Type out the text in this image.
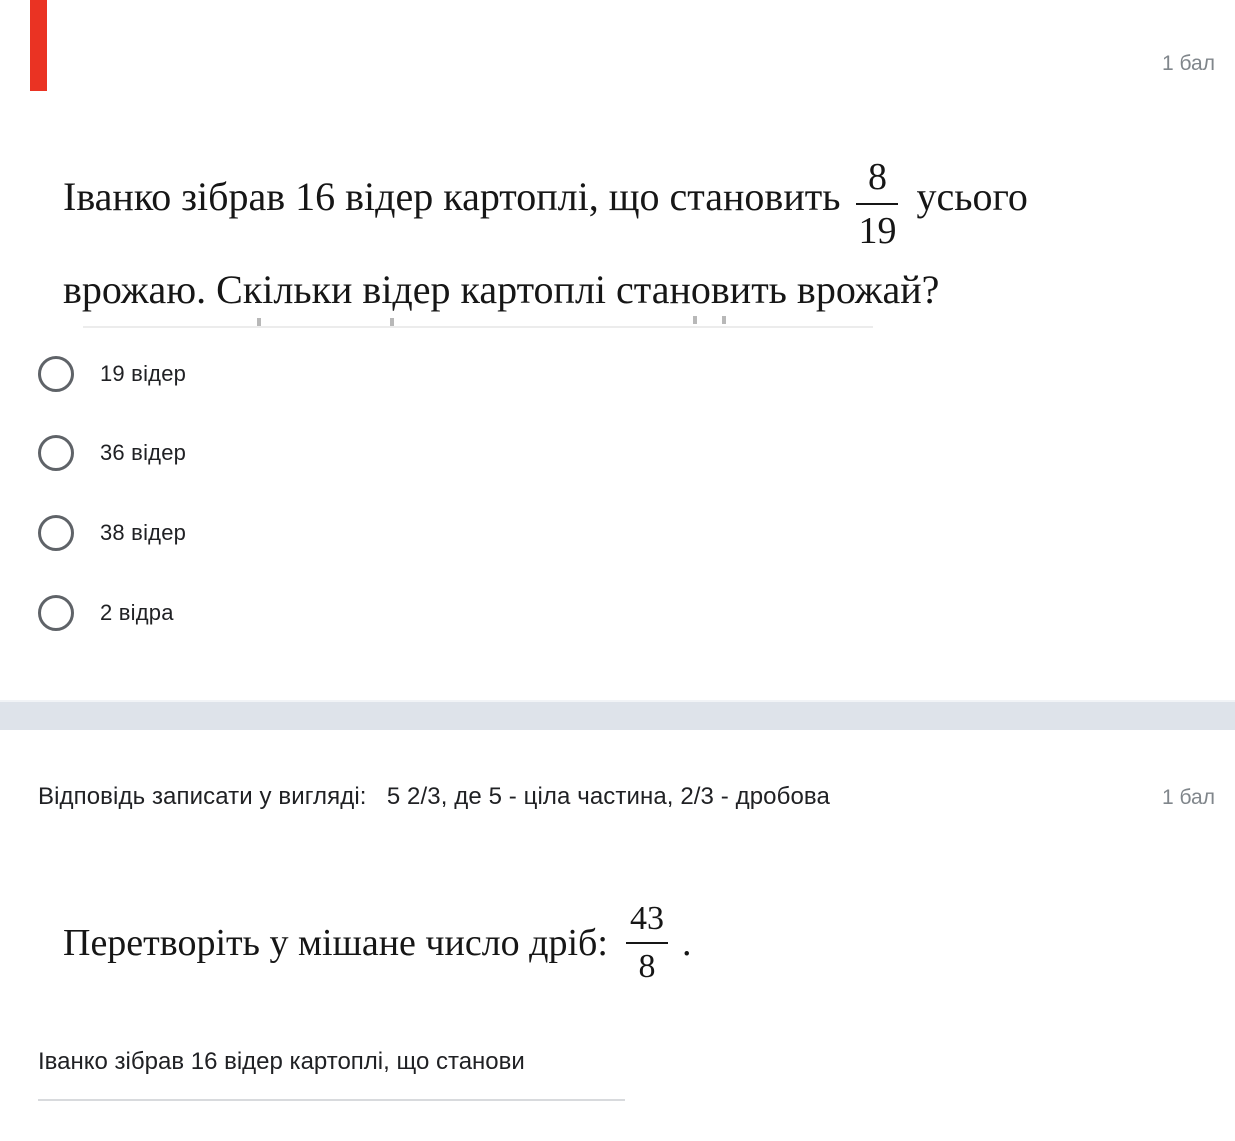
1 бал
Іванко зібрав 16 відер картоплі, що становить $\frac{8}{19}$ усього
врожаю. Скільки відер картоплі становить врожай?
19 відер
36 відер
38 відер
2 відра
Відповідь записати у вигляді:   5 2/3, де 5 - ціла частина, 2/3 - дробова	1 бал
Перетворіть у мішане число дріб: $\frac{43}{8}$ .
Іванко зібрав 16 відер картоплі, що станови
